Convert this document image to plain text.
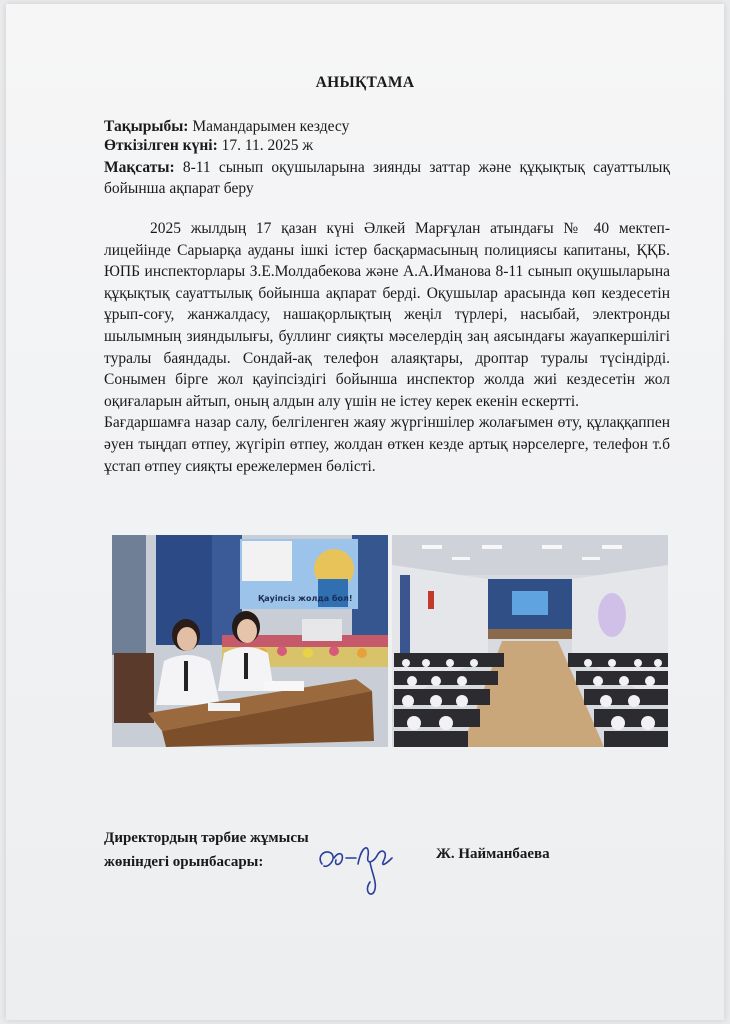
АНЫҚТАМА
Тақырыбы: Мамандарымен кездесу
Өткізілген күні: 17. 11. 2025 ж
Мақсаты: 8-11 сынып оқушыларына зиянды заттар және құқықтық сауаттылық бойынша ақпарат беру

2025 жылдың 17 қазан күні Әлкей Марғұлан атындағы № 40 мектеп-лицейінде Сарыарқа ауданы ішкі істер басқармасының полициясы капитаны, ҚҚБ. ЮПБ инспекторлары З.Е.Молдабекова және А.А.Иманова 8-11 сынып оқушыларына құқықтық сауаттылық бойынша ақпарат берді. Оқушылар арасында көп кездесетін ұрып-соғу, жанжалдасу, нашақорлықтың жеңіл түрлері, насыбай, электронды шылымның зияндылығы, буллинг сияқты мәселердің заң аясындағы жауапкершілігі туралы баяндады. Сондай-ақ телефон алаяқтары, дроптар туралы түсіндірді. Сонымен бірге жол қауіпсіздігі бойынша инспектор жолда жиі кездесетін жол оқиғаларын айтып, оның алдын алу үшін не істеу керек екенін ескертті.

Бағдаршамға назар салу, белгіленген жаяу жүргіншілер жолағымен өту, құлаққаппен әуен тыңдап өтпеу, жүгіріп өтпеу, жолдан өткен кезде артық нәрселерге, телефон т.б ұстап өтпеу сияқты ережелермен бөлісті.

Қауіпсіз жолда бол!
Директордың тәрбие жұмысы
жөніндегі орынбасары:	Ж. Найманбаева
